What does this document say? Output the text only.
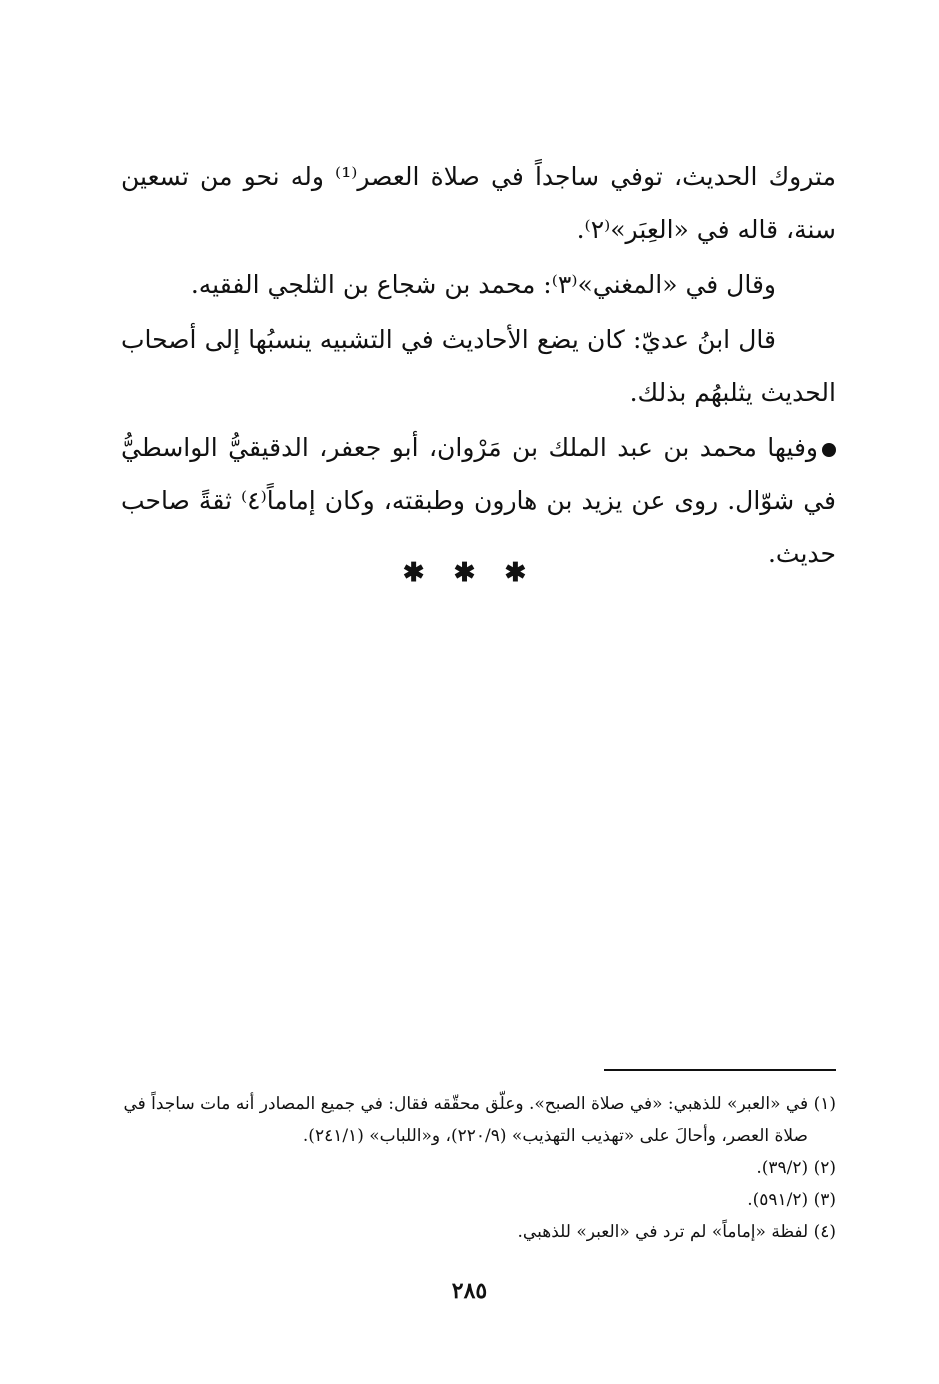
متروك الحديث، توفي ساجداً في صلاة العصر⁽¹⁾ وله نحو من تسعين سنة، قاله في «العِبَر»⁽٢⁾.

وقال في «المغني»⁽٣⁾: محمد بن شجاع بن الثلجي الفقيه.

قال ابنُ عديّ: كان يضع الأحاديث في التشبيه ينسبُها إلى أصحاب الحديث يثلبهُم بذلك.

وفيها محمد بن عبد الملك بن مَرْوان، أبو جعفر، الدقيقيُّ الواسطيُّ في شوّال. روى عن يزيد بن هارون وطبقته، وكان إماماً⁽٤⁾ ثقةً صاحب حديث.

✱ ✱ ✱

(١) في «العبر» للذهبي: «في صلاة الصبح». وعلّق محقّقه فقال: في جميع المصادر أنه مات ساجداً في صلاة العصر، وأحالَ على «تهذيب التهذيب» (٢٢٠/٩)، و«اللباب» (٢٤١/١).

(٢) (٣٩/٢).

(٣) (٥٩١/٢).

(٤) لفظة «إماماً» لم ترد في «العبر» للذهبي.

٢٨٥
